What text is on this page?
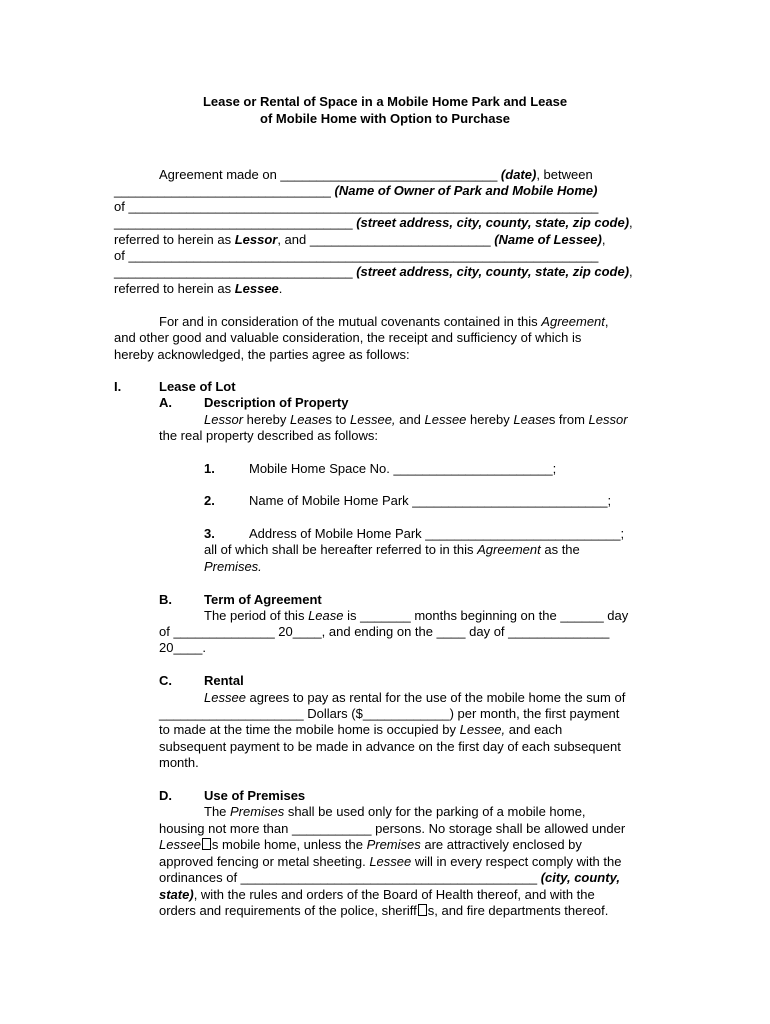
Lease or Rental of Space in a Mobile Home Park and Lease
of Mobile Home with Option to Purchase
Agreement made on ______________________________ (date), between
______________________________ (Name of Owner of Park and Mobile Home)
of _________________________________________________________________
_________________________________ (street address, city, county, state, zip code),
referred to herein as Lessor, and _________________________ (Name of Lessee),
of _________________________________________________________________
_________________________________ (street address, city, county, state, zip code),
referred to herein as Lessee.
For and in consideration of the mutual covenants contained in this Agreement,
and other good and valuable consideration, the receipt and sufficiency of which is
hereby acknowledged, the parties agree as follows:
I.	Lease of Lot
A. Description of Property
Lessor hereby Leases to Lessee, and Lessee hereby Leases from Lessor
the real property described as follows:
1.	Mobile Home Space No. ______________________;
2.	Name of Mobile Home Park ___________________________;
3.	Address of Mobile Home Park ___________________________;
all of which shall be hereafter referred to in this Agreement as the
Premises.
B. Term of Agreement
The period of this Lease is _______ months beginning on the ______ day
of ______________ 20____, and ending on the ____ day of ______________
20____.
C. Rental
Lessee agrees to pay as rental for the use of the mobile home the sum of
____________________ Dollars ($____________) per month, the first payment
to made at the time the mobile home is occupied by Lessee, and each
subsequent payment to be made in advance on the first day of each subsequent
month.
D. Use of Premises
The Premises shall be used only for the parking of a mobile home,
housing not more than ___________ persons. No storage shall be allowed under
Lessee s mobile home, unless the Premises are attractively enclosed by
approved fencing or metal sheeting. Lessee will in every respect comply with the
ordinances of _________________________________________ (city, county,
state), with the rules and orders of the Board of Health thereof, and with the
orders and requirements of the police, sheriff s, and fire departments thereof.
